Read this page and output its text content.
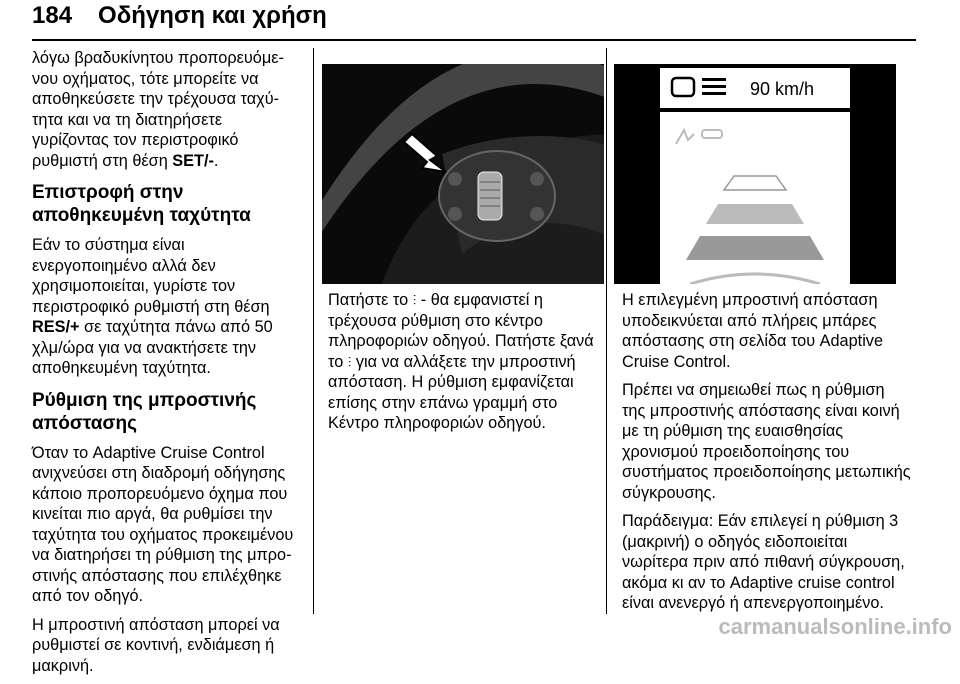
184 Οδήγηση και χρήση

λόγω βραδυκίνητου προπορευόμενου οχήματος, τότε μπορείτε να αποθηκεύσετε την τρέχουσα ταχύτητα και να τη διατηρήσετε γυρίζοντας τον περιστροφικό ρυθμιστή στη θέση SET/-.

Επιστροφή στην αποθηκευμένη ταχύτητα

Εάν το σύστημα είναι ενεργοποιημένο αλλά δεν χρησιμοποιείται, γυρίστε τον περιστροφικό ρυθμιστή στη θέση RES/+ σε ταχύτητα πάνω από 50 χλμ/ώρα για να ανακτήσετε την αποθηκευμένη ταχύτητα.

Ρύθμιση της μπροστινής απόστασης

Όταν το Adaptive Cruise Control ανιχνεύσει στη διαδρομή οδήγησης κάποιο προπορευόμενο όχημα που κινείται πιο αργά, θα ρυθμίσει την ταχύτητα του οχήματος προκειμένου να διατηρήσει τη ρύθμιση της μπροστινής απόστασης που επιλέχθηκε από τον οδηγό.

Η μπροστινή απόσταση μπορεί να ρυθμιστεί σε κοντινή, ενδιάμεση ή μακρινή.

90 km/h

Πατήστε το ⫶ - θα εμφανιστεί η τρέχουσα ρύθμιση στο κέντρο πληροφοριών οδηγού. Πατήστε ξανά το ⫶ για να αλλάξετε την μπροστινή απόσταση. Η ρύθμιση εμφανίζεται επίσης στην επάνω γραμμή στο Κέντρο πληροφοριών οδηγού.

Η επιλεγμένη μπροστινή απόσταση υποδεικνύεται από πλήρεις μπάρες απόστασης στη σελίδα του Adaptive Cruise Control.

Πρέπει να σημειωθεί πως η ρύθμιση της μπροστινής απόστασης είναι κοινή με τη ρύθμιση της ευαισθησίας χρονισμού προειδοποίησης του συστήματος προειδοποίησης μετωπικής σύγκρουσης.

Παράδειγμα: Εάν επιλεγεί η ρύθμιση 3 (μακρινή) ο οδηγός ειδοποιείται νωρίτερα πριν από πιθανή σύγκρουση, ακόμα κι αν το Adaptive cruise control είναι ανενεργό ή απενεργοποιημένο.

carmanualsonline.info
